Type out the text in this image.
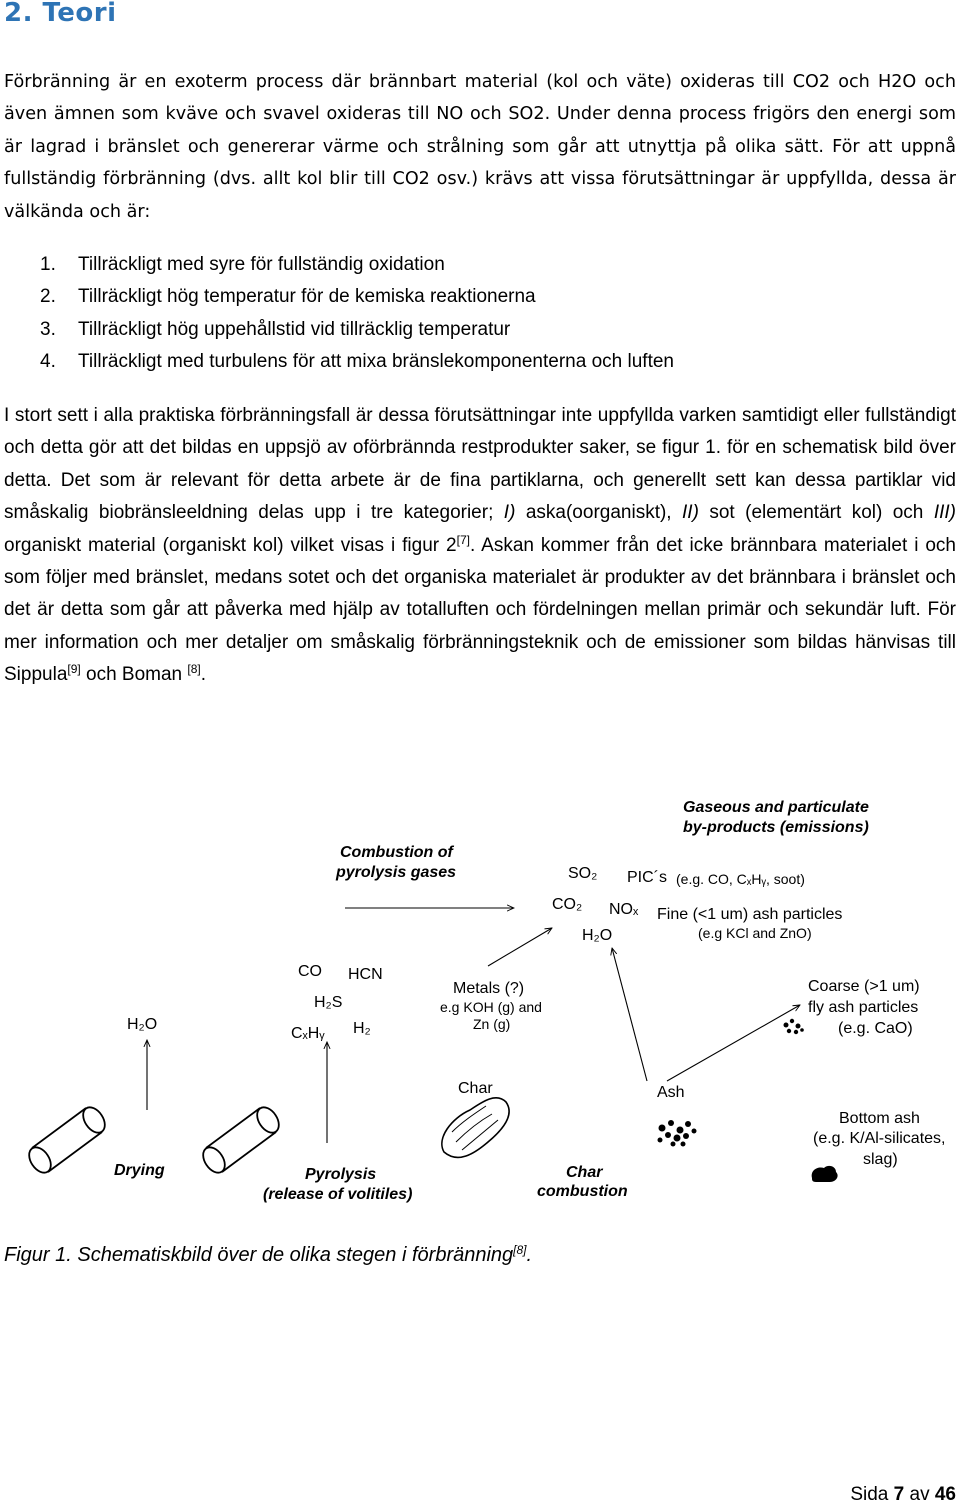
2. Teori

Förbränning är en exoterm process där brännbart material (kol och väte) oxideras till CO2 och H2O och även ämnen som kväve och svavel oxideras till NO och SO2. Under denna process frigörs den energi som är lagrad i bränslet och genererar värme och strålning som går att utnyttja på olika sätt. För att uppnå fullständig förbränning (dvs. allt kol blir till CO2 osv.) krävs att vissa förutsättningar är uppfyllda, dessa är välkända och är:

1. Tillräckligt med syre för fullständig oxidation
2. Tillräckligt hög temperatur för de kemiska reaktionerna
3. Tillräckligt hög uppehållstid vid tillräcklig temperatur
4. Tillräckligt med turbulens för att mixa bränslekomponenterna och luften

I stort sett i alla praktiska förbränningsfall är dessa förutsättningar inte uppfyllda varken samtidigt eller fullständigt och detta gör att det bildas en uppsjö av oförbrännda restprodukter saker, se figur 1. för en schematisk bild över detta. Det som är relevant för detta arbete är de fina partiklarna, och generellt sett kan dessa partiklar vid småskalig biobränsleeldning delas upp i tre kategorier; I) aska(oorganiskt), II) sot (elementärt kol) och III) organiskt material (organiskt kol) vilket visas i figur 2[7]. Askan kommer från det icke brännbara materialet i och som följer med bränslet, medans sotet och det organiska materialet är produkter av det brännbara i bränslet och det är detta som går att påverka med hjälp av totalluften och fördelningen mellan primär och sekundär luft. För mer information och mer detaljer om småskalig förbränningsteknik och de emissioner som bildas hänvisas till Sippula[9] och Boman [8].

Gaseous and particulate
by-products (emissions)
Combustion of
pyrolysis gases	SO₂
CO₂ NOₓ
H₂O
PIC´s (e.g. CO, CₓHᵧ, soot)
Fine (<1 um) ash particles
(e.g KCl and ZnO)
CO HCN
H₂S
CₓHᵧ H₂
Metals (?)
e.g KOH (g) and
Zn (g)
Coarse (>1 um)
fly ash particles
(e.g. CaO)
H₂O
Char	Ash
Bottom ash
(e.g. K/Al-silicates,
slag)
Drying	Pyrolysis
(release of volitiles)
Char
combustion

Figur 1. Schematiskbild över de olika stegen i förbränning[8].

Sida 7 av 46
